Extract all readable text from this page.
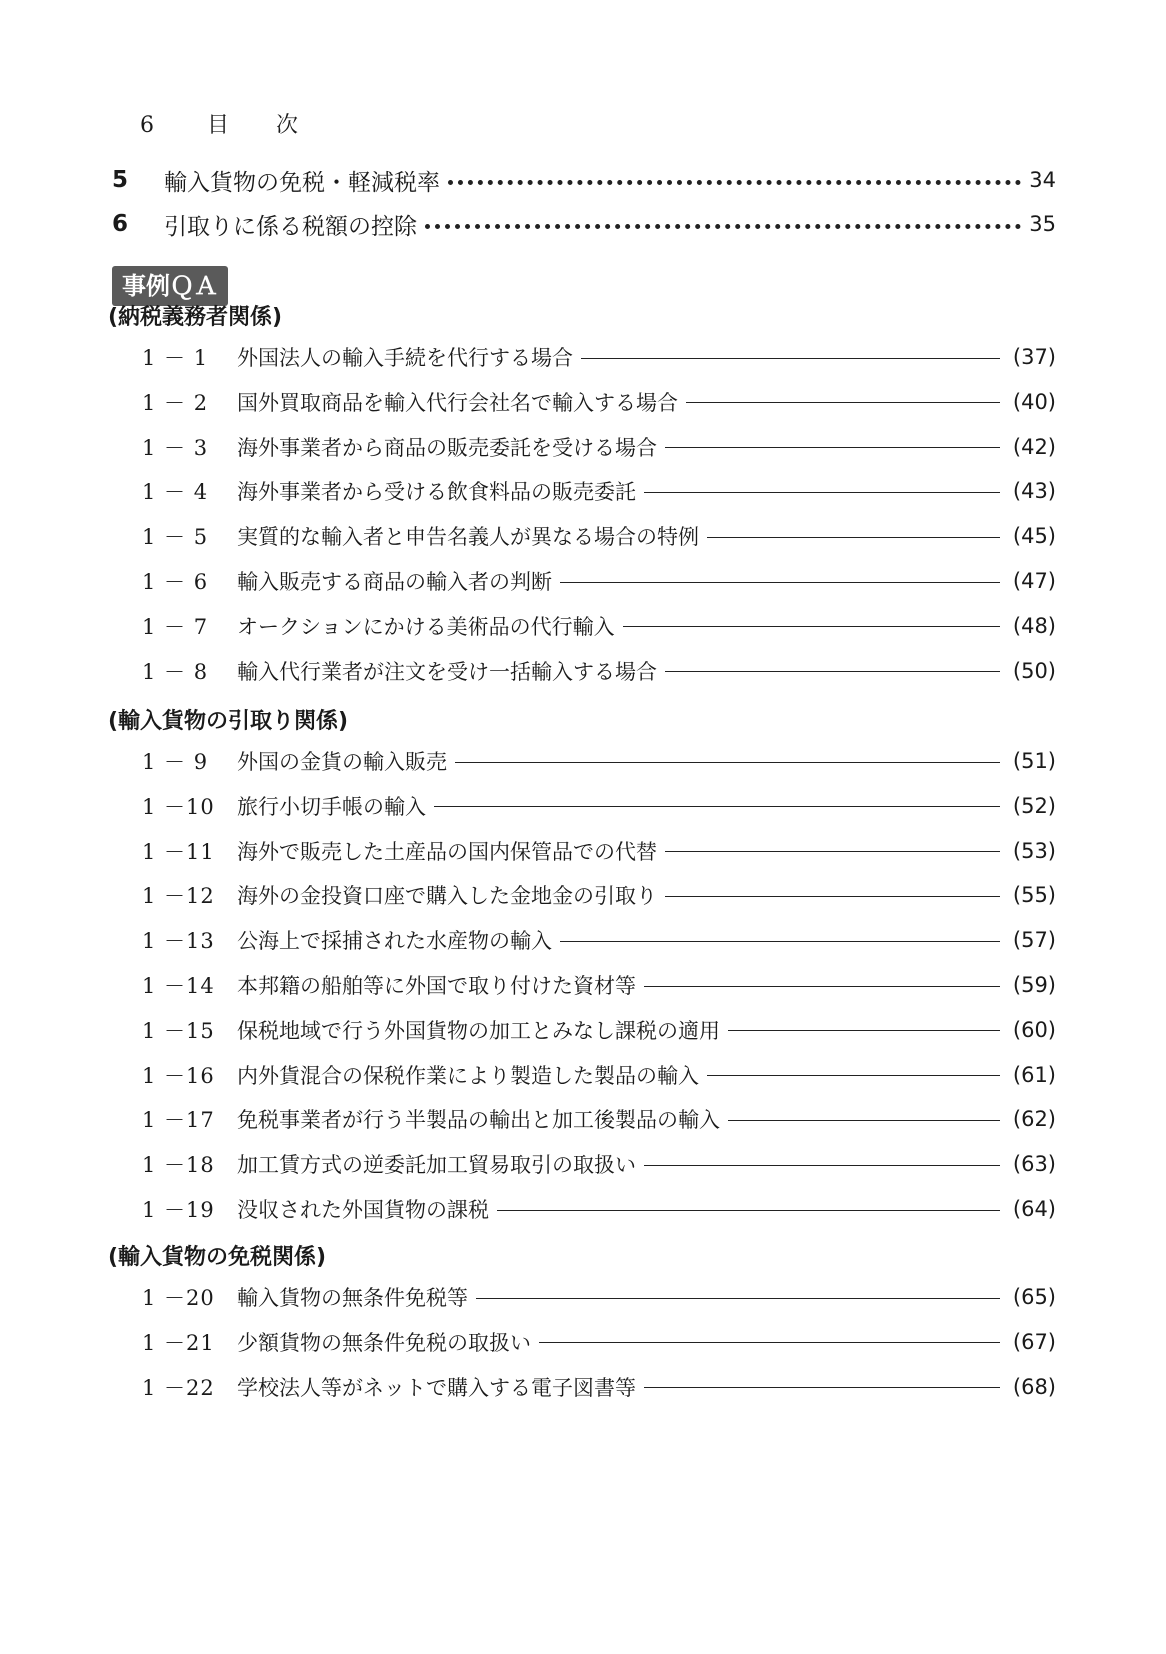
6 目 次
5	輸入貨物の免税・軽減税率	34
6	引取りに係る税額の控除	35
事例ＱＡ
(納税義務者関係)
(輸入貨物の引取り関係)
(輸入貨物の免税関係)
1 － 1	外国法人の輸入手続を代行する場合	(37)
1 － 2	国外買取商品を輸入代行会社名で輸入する場合	(40)
1 － 3	海外事業者から商品の販売委託を受ける場合	(42)
1 － 4	海外事業者から受ける飲食料品の販売委託	(43)
1 － 5	実質的な輸入者と申告名義人が異なる場合の特例	(45)
1 － 6	輸入販売する商品の輸入者の判断	(47)
1 － 7	オークションにかける美術品の代行輸入	(48)
1 － 8	輸入代行業者が注文を受け一括輸入する場合	(50)
1 － 9	外国の金貨の輸入販売	(51)
1 －10	旅行小切手帳の輸入	(52)
1 －11	海外で販売した土産品の国内保管品での代替	(53)
1 －12	海外の金投資口座で購入した金地金の引取り	(55)
1 －13	公海上で採捕された水産物の輸入	(57)
1 －14	本邦籍の船舶等に外国で取り付けた資材等	(59)
1 －15	保税地域で行う外国貨物の加工とみなし課税の適用	(60)
1 －16	内外貨混合の保税作業により製造した製品の輸入	(61)
1 －17	免税事業者が行う半製品の輸出と加工後製品の輸入	(62)
1 －18	加工賃方式の逆委託加工貿易取引の取扱い	(63)
1 －19	没収された外国貨物の課税	(64)
1 －20	輸入貨物の無条件免税等	(65)
1 －21	少額貨物の無条件免税の取扱い	(67)
1 －22	学校法人等がネットで購入する電子図書等	(68)
